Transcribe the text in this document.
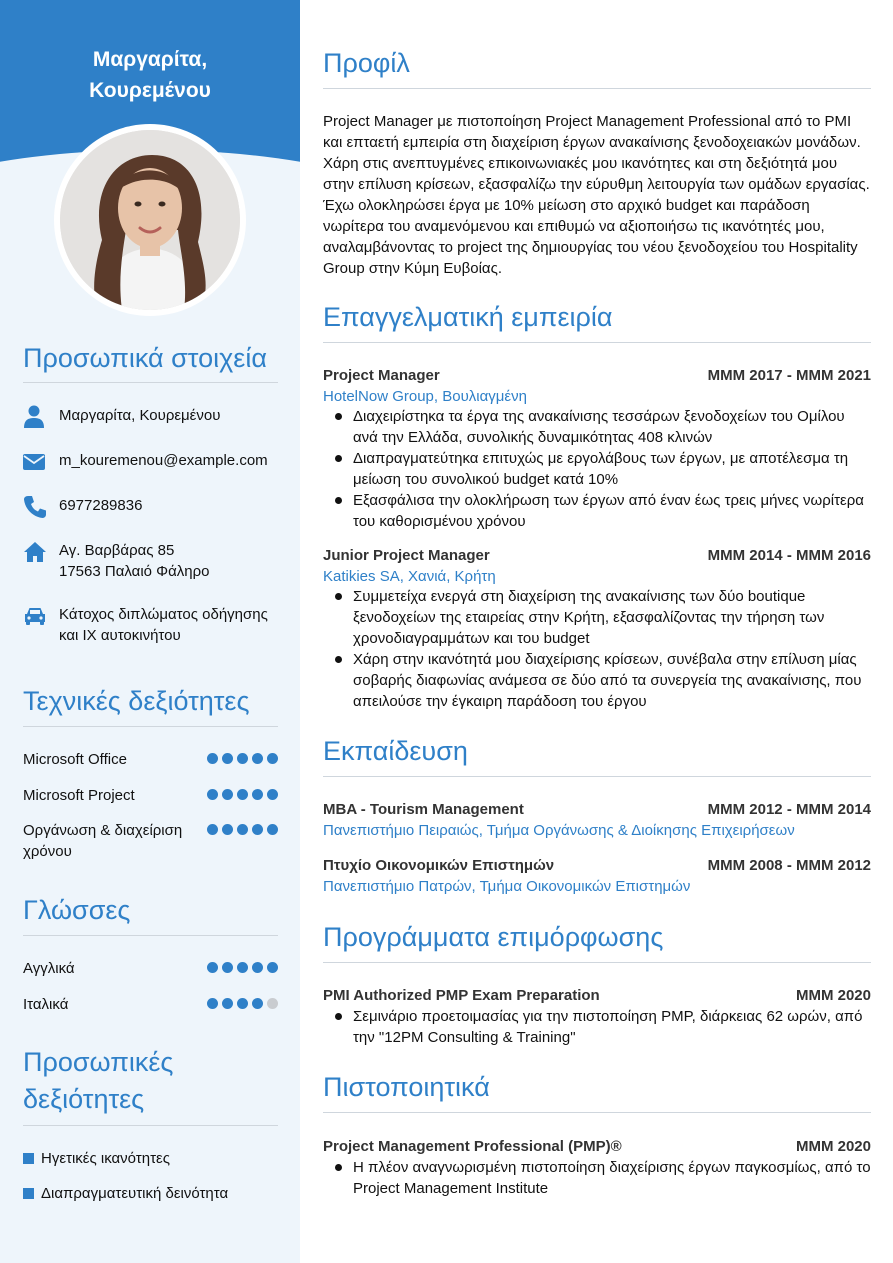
Μαργαρίτα,
Κουρεμένου
Προσωπικά στοιχεία
Μαργαρίτα, Κουρεμένου
m_kouremenou@example.com
6977289836
Αγ. Βαρβάρας 85
17563 Παλαιό Φάληρο
Κάτοχος διπλώματος οδήγησης
και ΙΧ αυτοκινήτου
Τεχνικές δεξιότητες
Microsoft Office
Microsoft Project
Οργάνωση & διαχείριση
χρόνου
Γλώσσες
Αγγλικά
Ιταλικά
Προσωπικές
δεξιότητες
Ηγετικές ικανότητες
Διαπραγματευτική δεινότητα
Προφίλ

Project Manager με πιστοποίηση Project Management Professional από το PMI και επταετή εμπειρία στη διαχείριση έργων ανακαίνισης ξενοδοχειακών μονάδων. Χάρη στις ανεπτυγμένες επικοινωνιακές μου ικανότητες και στη δεξιότητά μου στην επίλυση κρίσεων, εξασφαλίζω την εύρυθμη λειτουργία των ομάδων εργασίας. Έχω ολοκληρώσει έργα με 10% μείωση στο αρχικό budget και παράδοση νωρίτερα του αναμενόμενου και επιθυμώ να αξιοποιήσω τις ικανότητές μου, αναλαμβάνοντας το project της δημιουργίας του νέου ξενοδοχείου του Hospitality Group στην Κύμη Ευβοίας.

Επαγγελματική εμπειρία
Project Manager	MMM 2017 - MMM 2021
HotelNow Group, Βουλιαγμένη
Διαχειρίστηκα τα έργα της ανακαίνισης τεσσάρων ξενοδοχείων του Ομίλου ανά την Ελλάδα, συνολικής δυναμικότητας 408 κλινών
Διαπραγματεύτηκα επιτυχώς με εργολάβους των έργων, με αποτέλεσμα τη μείωση του συνολικού budget κατά 10%
Εξασφάλισα την ολοκλήρωση των έργων από έναν έως τρεις μήνες νωρίτερα του καθορισμένου χρόνου
Junior Project Manager	MMM 2014 - MMM 2016
Katikies SA, Χανιά, Κρήτη
Συμμετείχα ενεργά στη διαχείριση της ανακαίνισης των δύο boutique ξενοδοχείων της εταιρείας στην Κρήτη, εξασφαλίζοντας την τήρηση των χρονοδιαγραμμάτων και του budget
Χάρη στην ικανότητά μου διαχείρισης κρίσεων, συνέβαλα στην επίλυση μίας σοβαρής διαφωνίας ανάμεσα σε δύο από τα συνεργεία της ανακαίνισης, που απειλούσε την έγκαιρη παράδοση του έργου
Εκπαίδευση
MBA - Tourism Management	MMM 2012 - MMM 2014
Πανεπιστήμιο Πειραιώς, Τμήμα Οργάνωσης & Διοίκησης Επιχειρήσεων
Πτυχίο Οικονομικών Επιστημών	MMM 2008 - MMM 2012
Πανεπιστήμιο Πατρών, Τμήμα Οικονομικών Επιστημών
Προγράμματα επιμόρφωσης
PMI Authorized PMP Exam Preparation	MMM 2020
Σεμινάριο προετοιμασίας για την πιστοποίηση PMP, διάρκειας 62 ωρών, από την "12PM Consulting & Training"
Πιστοποιητικά
Project Management Professional (PMP)®	MMM 2020
Η πλέον αναγνωρισμένη πιστοποίηση διαχείρισης έργων παγκοσμίως, από το Project Management Institute
